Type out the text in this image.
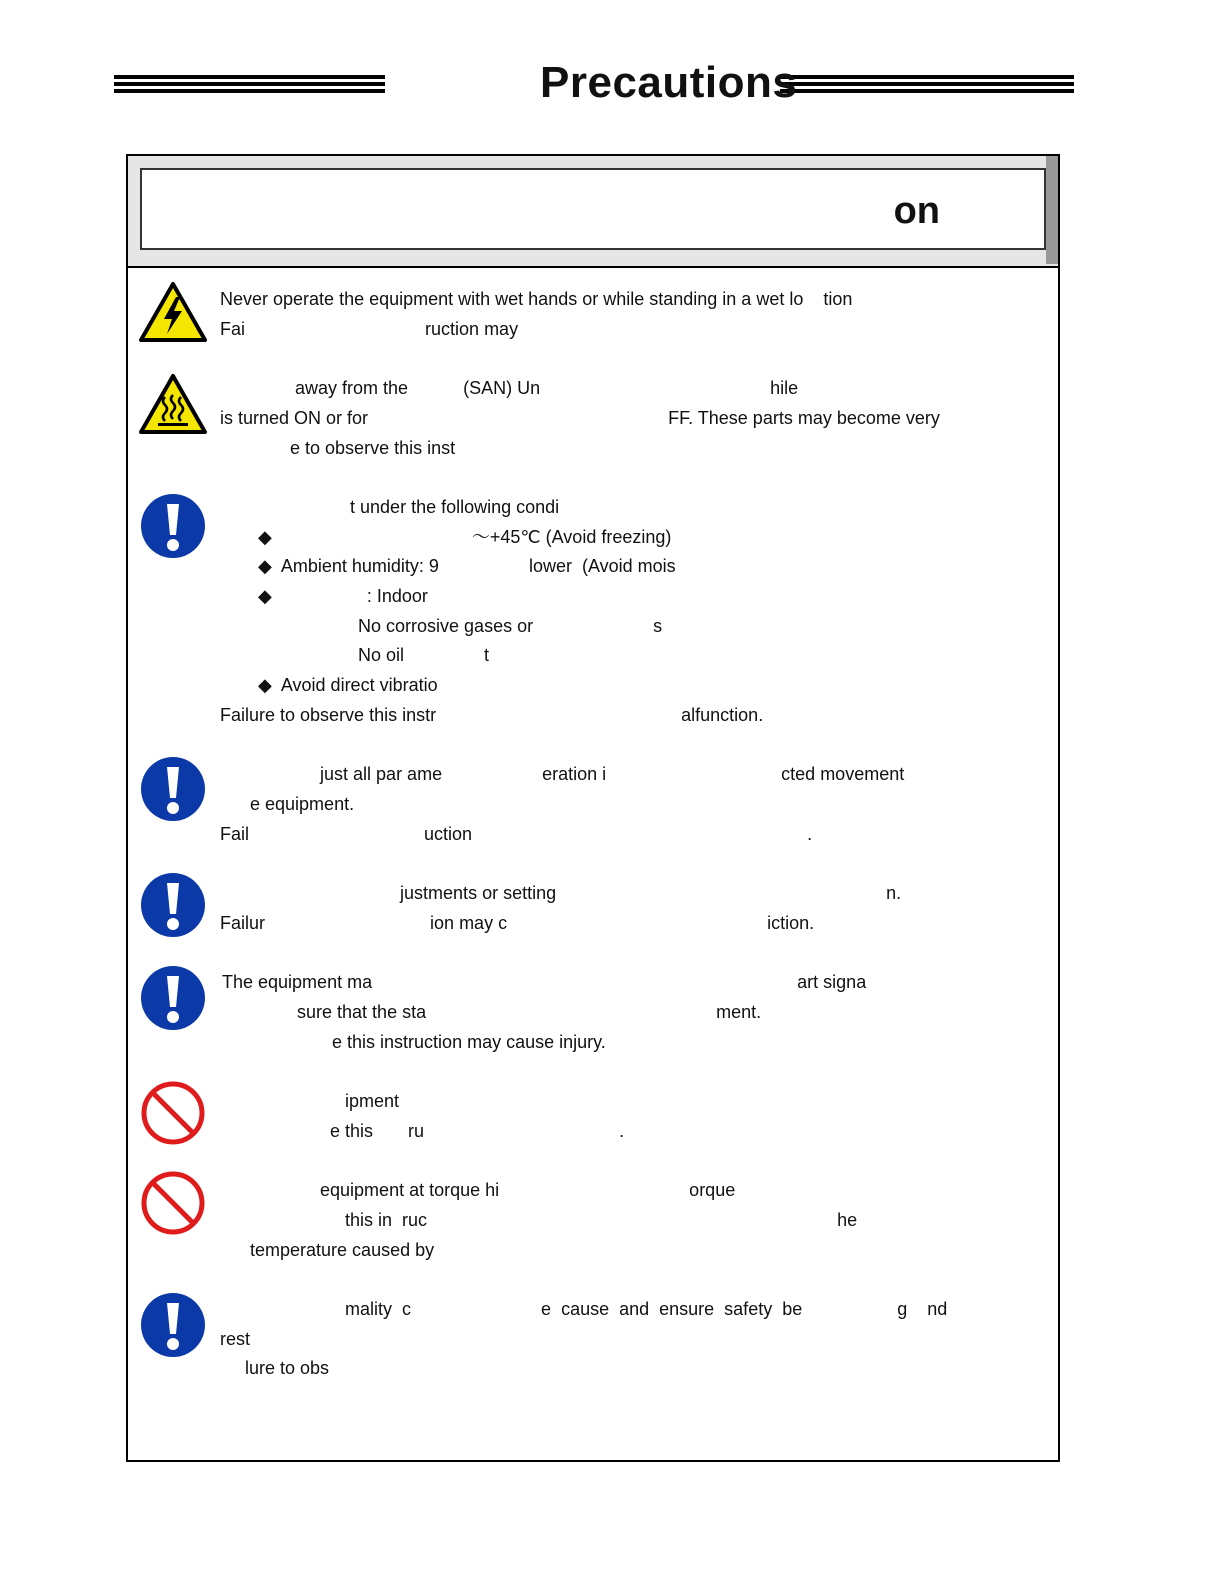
Precautions
on
Never operate the equipment with wet hands or while standing in a wet lo    tion
Fai                                    ruction may
away from the           (SAN) Un                                              hile
is turned ON or for                                                            FF. These parts may become very
e to observe this inst
t under the following condi
◆                                        ～+45℃ (Avoid freezing)
◆  Ambient humidity: 9                  lower  (Avoid mois
◆                   : Indoor
No corrosive gases or                        s
No oil                t
◆  Avoid direct vibratio
Failure to observe this instr                                                 alfunction.
just all par ame                    eration i                                   cted movement
e equipment.
Fail                                   uction                                                                   .
justments or setting                                                                  n.
Failur                                 ion may c                                                    iction.
The equipment ma                                                                                     art signa
sure that the sta                                                          ment.
e this instruction may cause injury.
ipment
e this       ru                                       .
equipment at torque hi                                      orque
this in  ruc                                                                                  he
temperature caused by
mality  c                          e  cause  and  ensure  safety  be                   g    nd
rest
lure to obs
